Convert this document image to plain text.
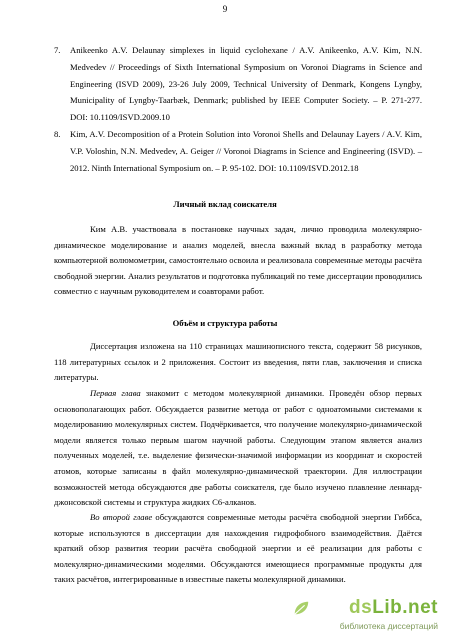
9
7.	Anikeenko A.V. Delaunay simplexes in liquid cyclohexane / A.V. Anikeenko, A.V. Kim, N.N. Medvedev // Proceedings of Sixth International Symposium on Voronoi Diagrams in Science and Engineering (ISVD 2009), 23-26 July 2009, Technical University of Denmark, Kongens Lyngby, Municipality of Lyngby-Taarbæk, Denmark; published by IEEE Computer Society. – P. 271-277. DOI: 10.1109/ISVD.2009.10
8.	Kim, A.V. Decomposition of a Protein Solution into Voronoi Shells and Delaunay Layers / A.V. Kim, V.P. Voloshin, N.N. Medvedev, A. Geiger // Voronoi Diagrams in Science and Engineering (ISVD). – 2012. Ninth International Symposium on. – P. 95-102. DOI: 10.1109/ISVD.2012.18
Личный вклад соискателя
Ким А.В. участвовала в постановке научных задач, лично проводила молекулярно-динамическое моделирование и анализ моделей, внесла важный вклад в разработку метода компьютерной волюмометрии, самостоятельно освоила и реализовала современные методы расчёта свободной энергии. Анализ результатов и подготовка публикаций по теме диссертации проводились совместно с научным руководителем и соавторами работ.
Объём и структура работы
Диссертация изложена на 110 страницах машинописного текста, содержит 58 рисунков, 118 литературных ссылок и 2 приложения. Состоит из введения, пяти глав, заключения и списка литературы.
Первая глава знакомит с методом молекулярной динамики. Проведён обзор первых основополагающих работ. Обсуждается развитие метода от работ с одноатомными системами к моделированию молекулярных систем. Подчёркивается, что получение молекулярно-динамической модели является только первым шагом научной работы. Следующим этапом является анализ полученных моделей, т.е. выделение физически-значимой информации из координат и скоростей атомов, которые записаны в файл молекулярно-динамической траектории. Для иллюстрации возможностей метода обсуждаются две работы соискателя, где было изучено плавление леннард-джонсовской системы и структура жидких C6-алканов.
Во второй главе обсуждаются современные методы расчёта свободной энергии Гиббса, которые используются в диссертации для нахождения гидрофобного взаимодействия. Даётся краткий обзор развития теории расчёта свободной энергии и её реализации для работы с молекулярно-динамическими моделями. Обсуждаются имеющиеся программные продукты для таких расчётов, интегрированные в известные пакеты молекулярной динамики.
dsLib.net
библиотека диссертаций
